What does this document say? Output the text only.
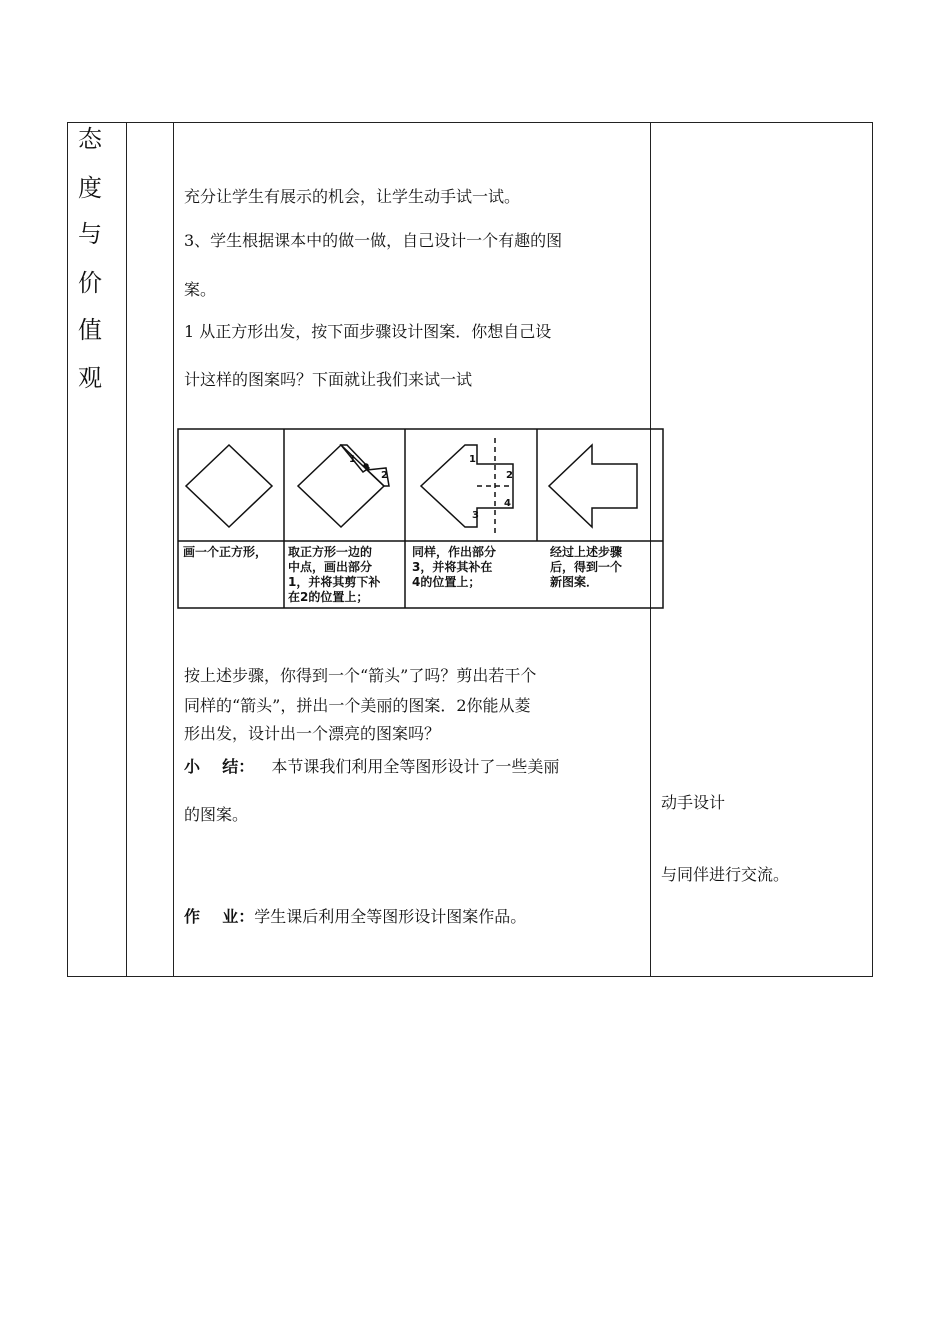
态
度
与
价
值
观
充分让学生有展示的机会，让学生动手试一试。
3、学生根据课本中的做一做，自己设计一个有趣的图
案。
1 从正方形出发，按下面步骤设计图案．你想自己设
计这样的图案吗？下面就让我们来试一试
1
2
1
2
3
4
画一个正方形， 取正方形一边的
中点，画出部分
1，并将其剪下补
在2的位置上；
同样，作出部分
3，并将其补在
4的位置上；
经过上述步骤
后，得到一个
新图案．
按上述步骤，你得到一个“箭头”了吗？剪出若干个
同样的“箭头”，拼出一个美丽的图案．2你能从菱
形出发，设计出一个漂亮的图案吗？
小    结： 本节课我们利用全等图形设计了一些美丽
的图案。
作    业：学生课后利用全等图形设计图案作品。
动手设计
与同伴进行交流。
